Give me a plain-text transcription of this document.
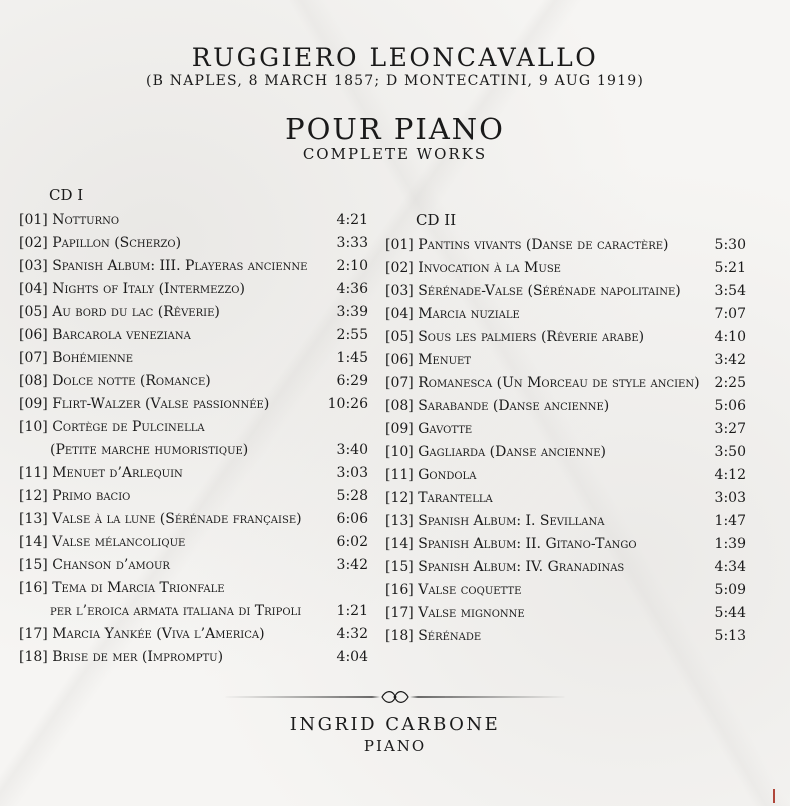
RUGGIERO LEONCAVALLO
(B NAPLES, 8 MARCH 1857; D MONTECATINI, 9 AUG 1919)
POUR PIANO
COMPLETE WORKS
CD I
[01] Notturno	4:21
[02] Papillon (Scherzo)	3:33
[03] Spanish Album: III. Playeras ancienne 2:10
[04] Nights of Italy (Intermezzo)	4:36
[05] Au bord du lac (Rêverie)	3:39
[06] Barcarola veneziana	2:55
[07] Bohémienne	1:45
[08] Dolce notte (Romance)	6:29
[09] Flirt-Walzer (Valse passionnée)	10:26
[10] Cortège de Pulcinella
(Petite marche humoristique)	3:40
[11] Menuet d’Arlequin	3:03
[12] Primo bacio	5:28
[13] Valse à la lune (Sérénade française) 6:06
[14] Valse mélancolique	6:02
[15] Chanson d’amour	3:42
[16] Tema di Marcia Trionfale
per l’eroica armata italiana di Tripoli	1:21
[17] Marcia Yankée (Viva l’America)	4:32
[18] Brise de mer (Impromptu)	4:04
CD II
[01] Pantins vivants (Danse de caractère)	5:30
[02] Invocation à la Muse	5:21
[03] Sérénade-Valse (Sérénade napolitaine) 3:54
[04] Marcia nuziale	7:07
[05] Sous les palmiers (Rêverie arabe)	4:10
[06] Menuet	3:42
[07] Romanesca (Un Morceau de style ancien) 2:25
[08] Sarabande (Danse ancienne)	5:06
[09] Gavotte	3:27
[10] Gagliarda (Danse ancienne)	3:50
[11] Gondola	4:12
[12] Tarantella	3:03
[13] Spanish Album: I. Sevillana	1:47
[14] Spanish Album: II. Gitano-Tango	1:39
[15] Spanish Album: IV. Granadinas	4:34
[16] Valse coquette	5:09
[17] Valse mignonne	5:44
[18] Sérénade	5:13
INGRID CARBONE
PIANO
